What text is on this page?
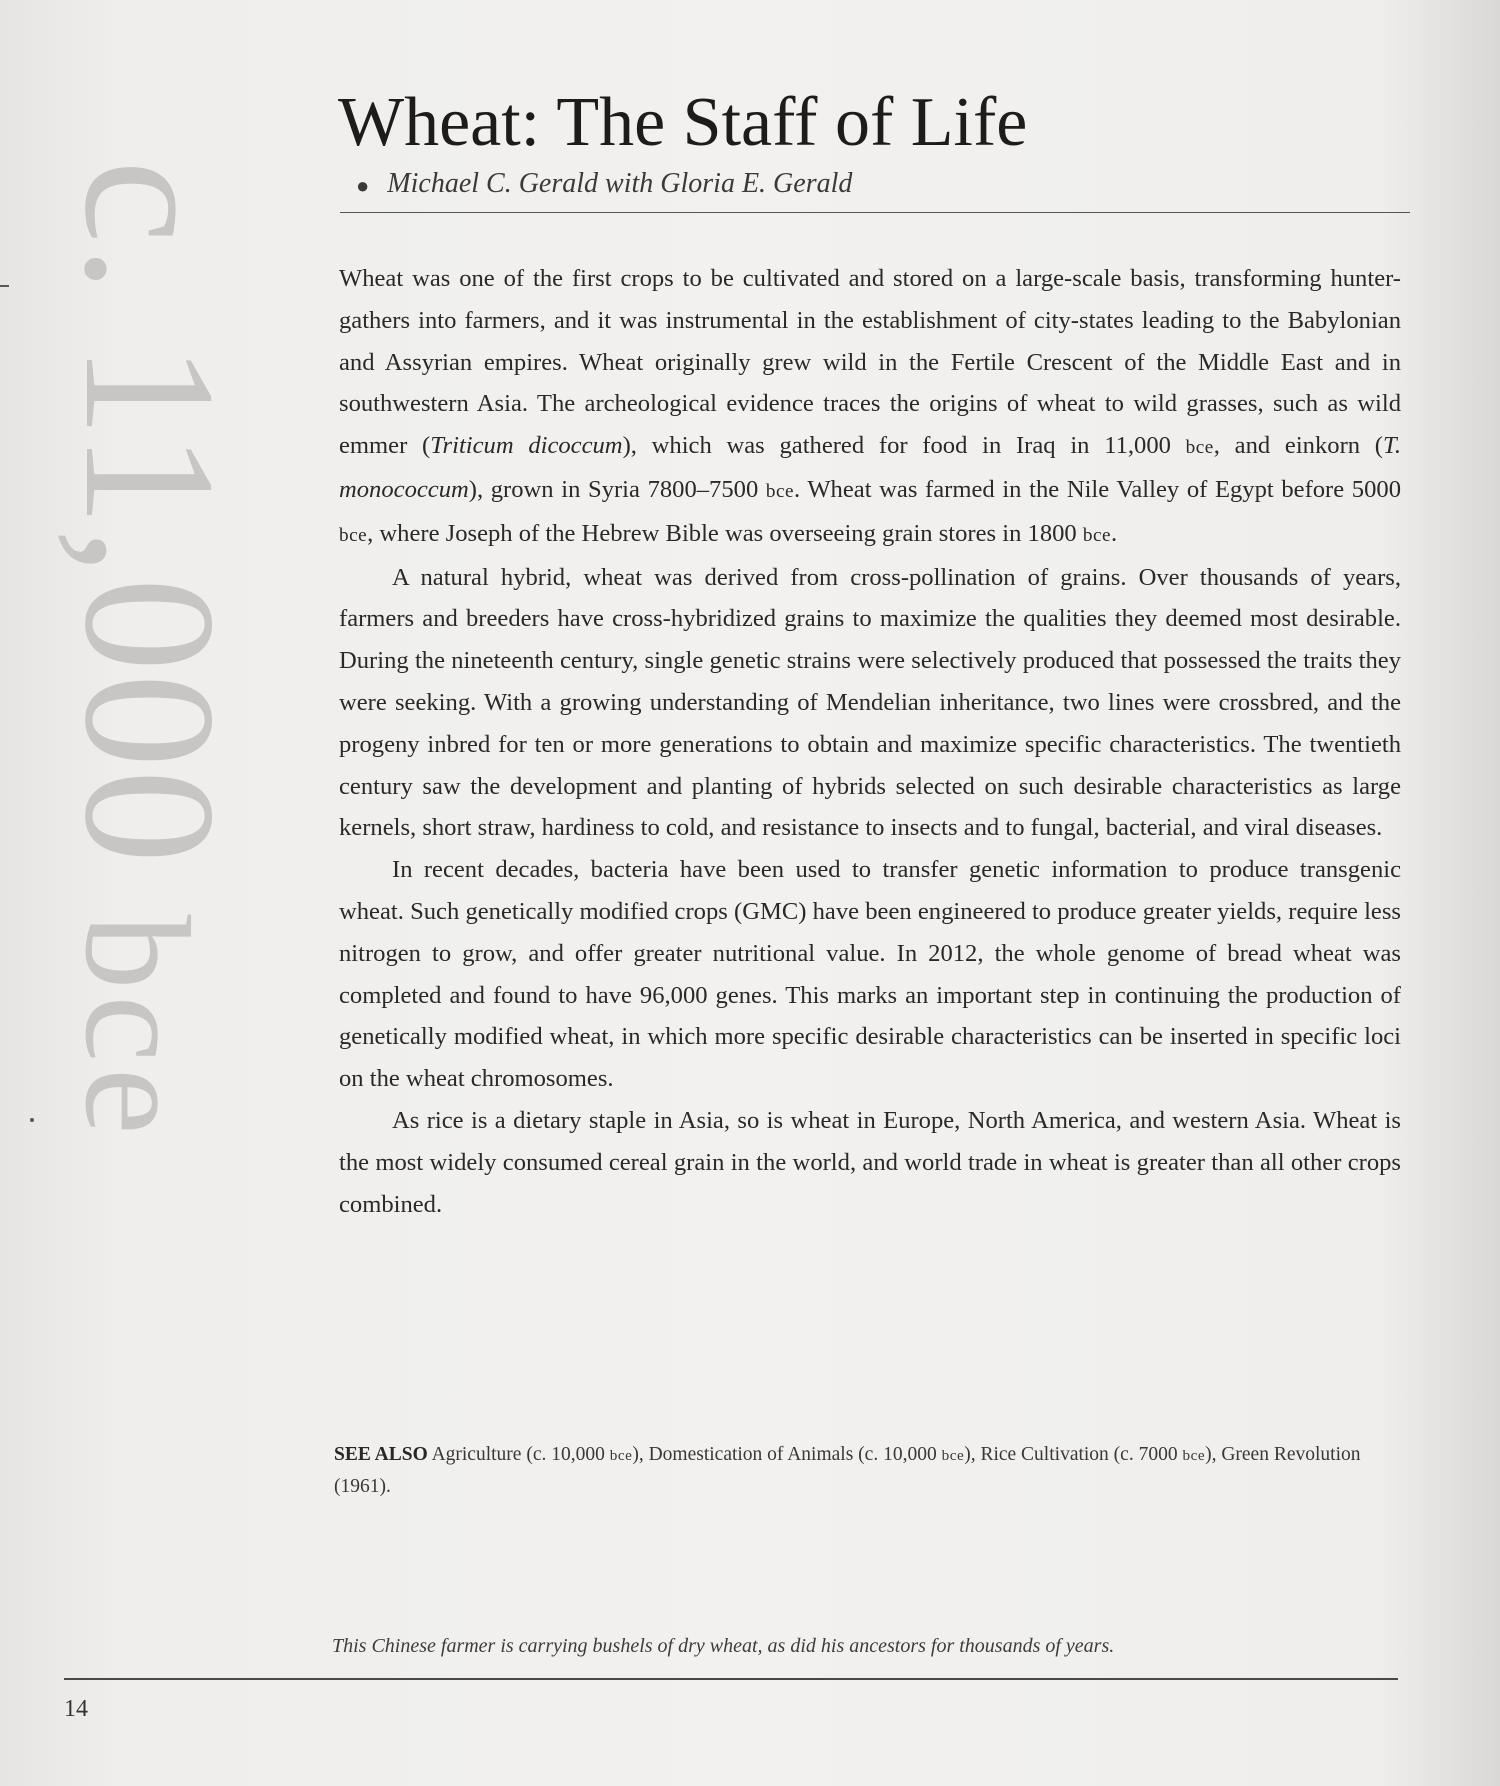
c. 11,000 bce
Wheat: The Staff of Life
● Michael C. Gerald with Gloria E. Gerald

Wheat was one of the first crops to be cultivated and stored on a large-scale basis, transforming hunter-gathers into farmers, and it was instrumental in the establishment of city-states leading to the Babylonian and Assyrian empires. Wheat originally grew wild in the Fertile Crescent of the Middle East and in southwestern Asia. The archeological evidence traces the origins of wheat to wild grasses, such as wild emmer (Triticum dicoccum), which was gathered for food in Iraq in 11,000 bce, and einkorn (T. monococcum), grown in Syria 7800–7500 bce. Wheat was farmed in the Nile Valley of Egypt before 5000 bce, where Joseph of the Hebrew Bible was overseeing grain stores in 1800 bce.

A natural hybrid, wheat was derived from cross-pollination of grains. Over thousands of years, farmers and breeders have cross-hybridized grains to maximize the qualities they deemed most desirable. During the nineteenth century, single genetic strains were selectively produced that possessed the traits they were seeking. With a growing understanding of Mendelian inheritance, two lines were crossbred, and the progeny inbred for ten or more generations to obtain and maximize specific characteristics. The twentieth century saw the development and planting of hybrids selected on such desirable characteristics as large kernels, short straw, hardiness to cold, and resistance to insects and to fungal, bacterial, and viral diseases.

In recent decades, bacteria have been used to transfer genetic information to produce transgenic wheat. Such genetically modified crops (GMC) have been engineered to produce greater yields, require less nitrogen to grow, and offer greater nutritional value. In 2012, the whole genome of bread wheat was completed and found to have 96,000 genes. This marks an important step in continuing the production of genetically modified wheat, in which more specific desirable characteristics can be inserted in specific loci on the wheat chromosomes.

As rice is a dietary staple in Asia, so is wheat in Europe, North America, and western Asia. Wheat is the most widely consumed cereal grain in the world, and world trade in wheat is greater than all other crops combined.

SEE ALSO Agriculture (c. 10,000 bce), Domestication of Animals (c. 10,000 bce), Rice Cultivation (c. 7000 bce), Green Revolution (1961).
This Chinese farmer is carrying bushels of dry wheat, as did his ancestors for thousands of years.
14
